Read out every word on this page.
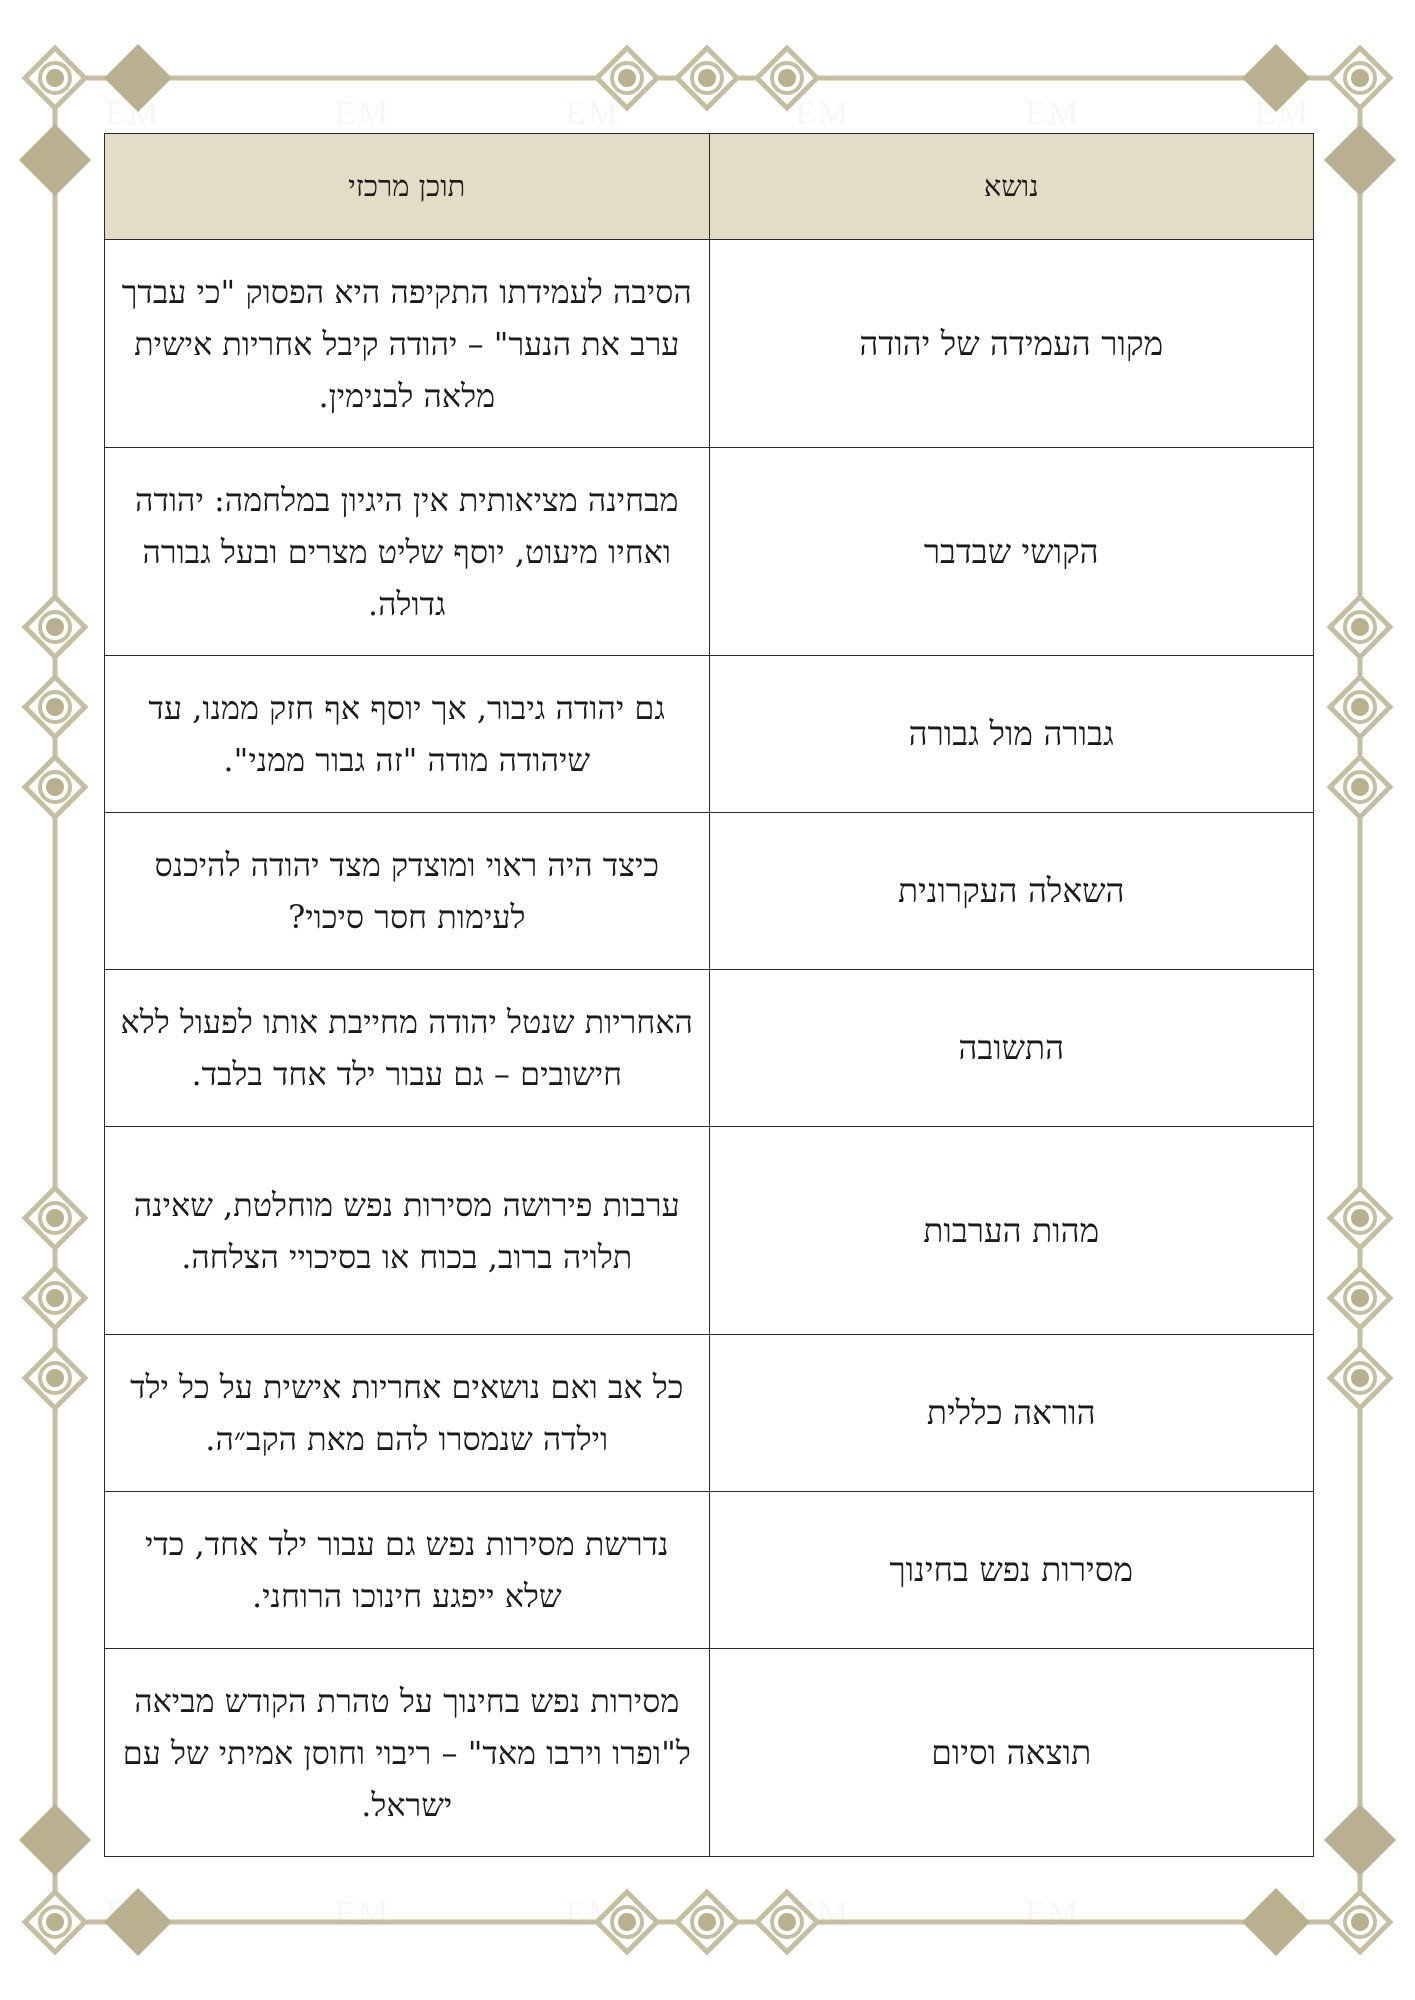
EM	EM	EM	EM	EM	EM
EM	EM	EM	EM	EM	EM
נושא	תוכן מרכזי
מקור העמידה של יהודה	הסיבה לעמידתו התקיפה היא הפסוק "כי עבדך ערב את הנער" – יהודה קיבל אחריות אישית מלאה לבנימין.
הקושי שבדבר	מבחינה מציאותית אין היגיון במלחמה: יהודה ואחיו מיעוט, יוסף שליט מצרים ובעל גבורה גדולה.
גבורה מול גבורה	גם יהודה גיבור, אך יוסף אף חזק ממנו, עד שיהודה מודה "זה גבור ממני".
השאלה העקרונית	כיצד היה ראוי ומוצדק מצד יהודה להיכנס לעימות חסר סיכוי?
התשובה	האחריות שנטל יהודה מחייבת אותו לפעול ללא חישובים – גם עבור ילד אחד בלבד.
מהות הערבות	ערבות פירושה מסירות נפש מוחלטת, שאינה תלויה ברוב, בכוח או בסיכויי הצלחה.
הוראה כללית	כל אב ואם נושאים אחריות אישית על כל ילד וילדה שנמסרו להם מאת הקב״ה.
מסירות נפש בחינוך	נדרשת מסירות נפש גם עבור ילד אחד, כדי שלא ייפגע חינוכו הרוחני.
תוצאה וסיום	מסירות נפש בחינוך על טהרת הקודש מביאה ל"ופרו וירבו מאד" – ריבוי וחוסן אמיתי של עם ישראל.
